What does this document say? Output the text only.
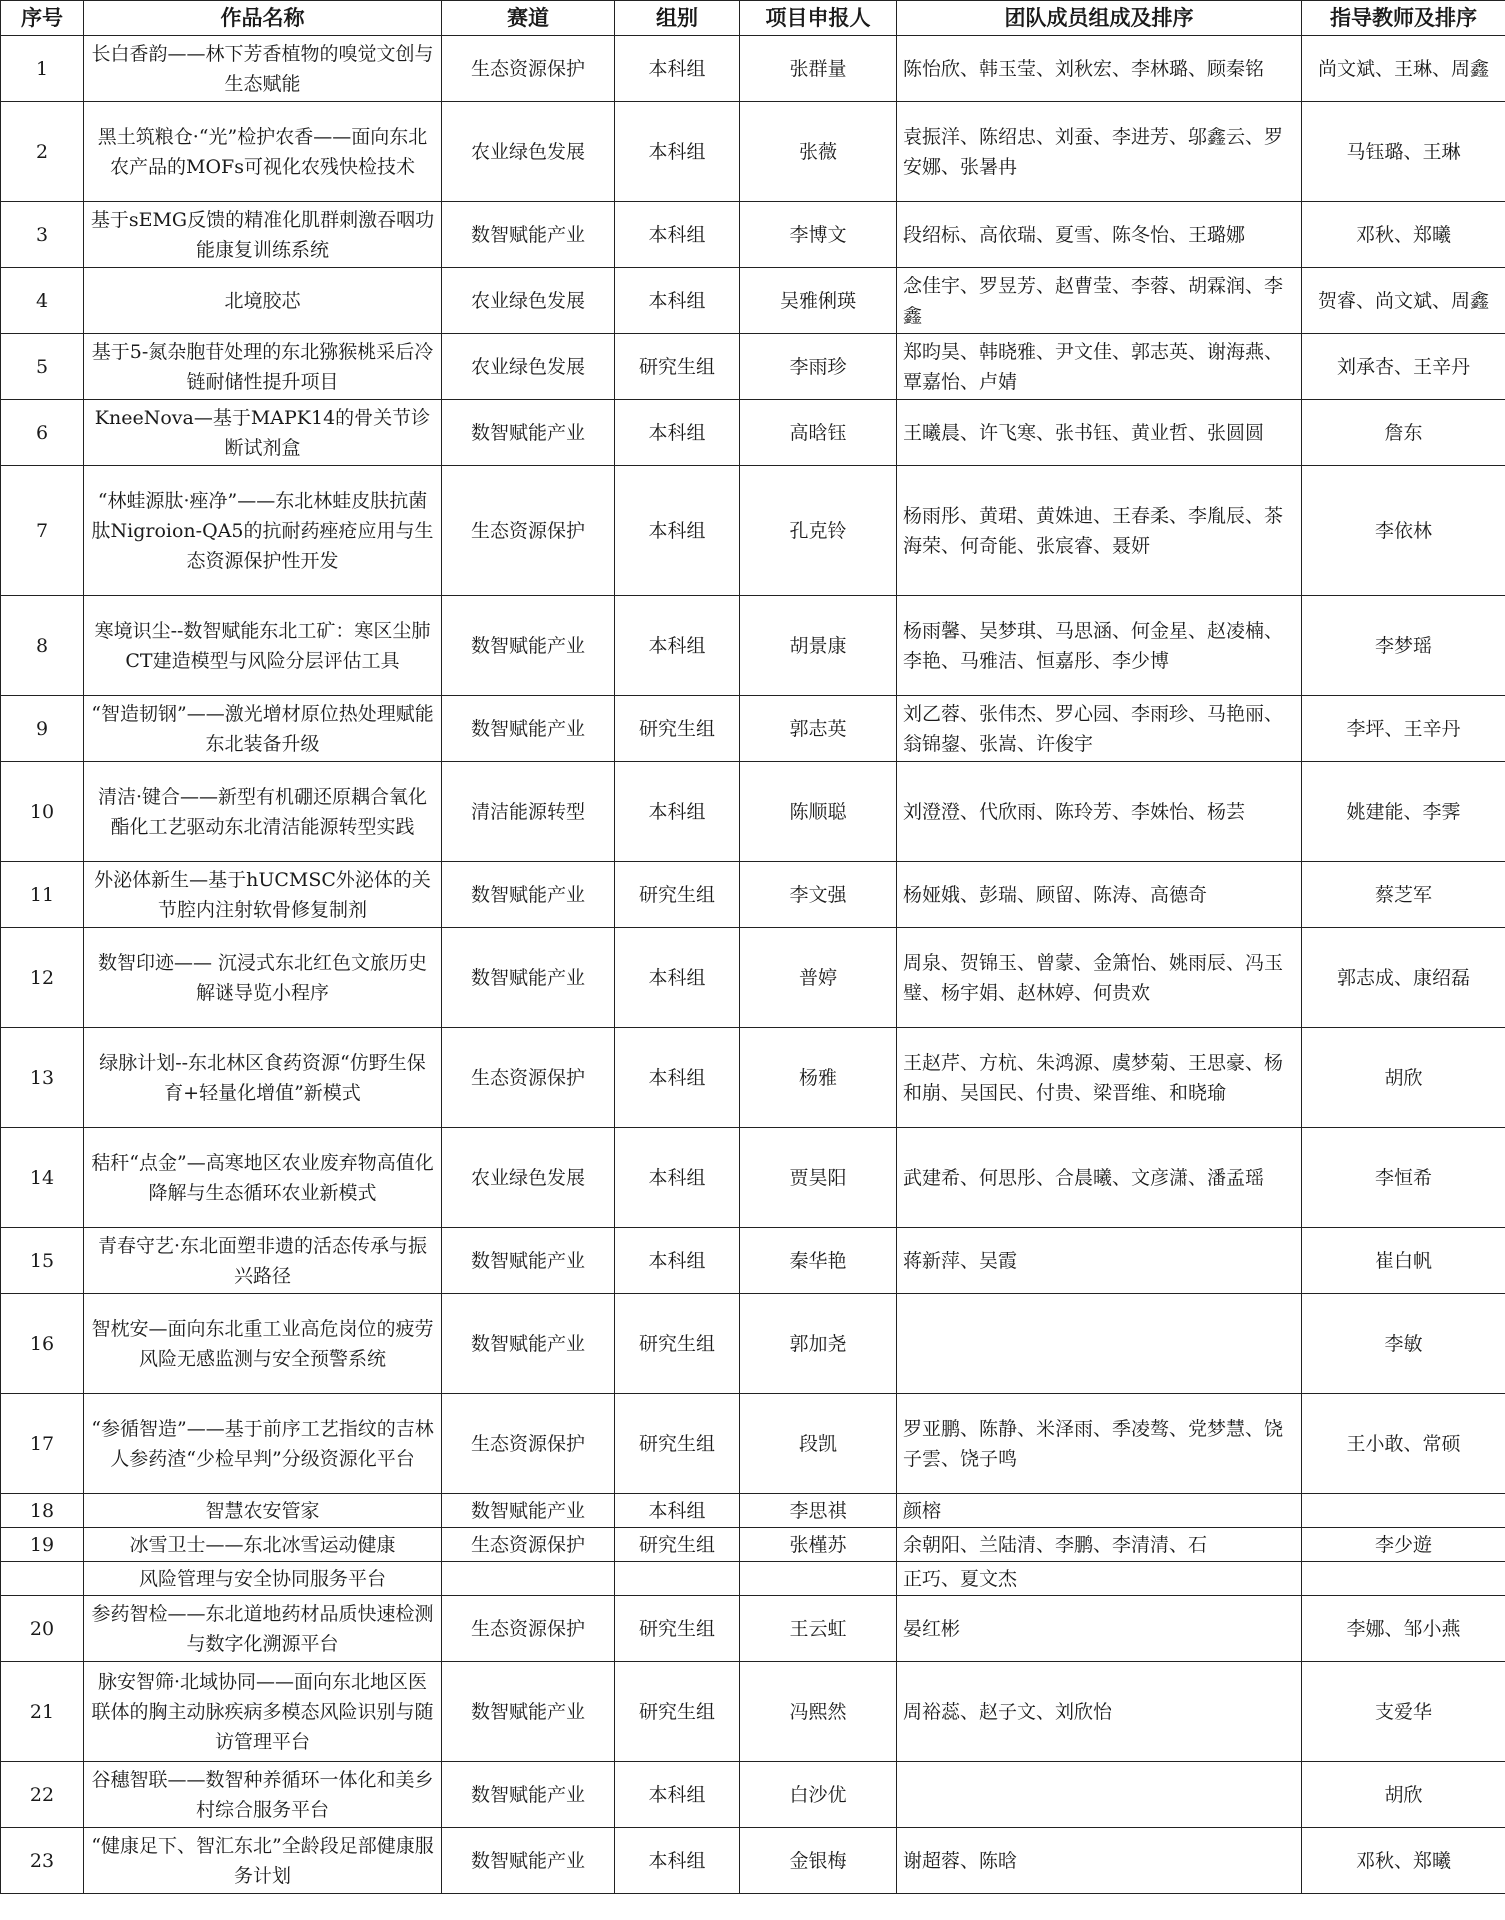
序号	作品名称	赛道	组别	项目申报人	团队成员组成及排序	指导教师及排序
1	长白香韵——林下芳香植物的嗅觉文创与生态赋能	生态资源保护	本科组	张群量	陈怡欣、韩玉莹、刘秋宏、李林璐、顾秦铭	尚文斌、王琳、周鑫
2	黑土筑粮仓·“光”检护农香——面向东北农产品的MOFs可视化农残快检技术	农业绿色发展	本科组	张薇	袁振洋、陈绍忠、刘蚕、李进芳、邬鑫云、罗安娜、张暑冉	马钰璐、王琳
3	基于sEMG反馈的精准化肌群刺激吞咽功能康复训练系统	数智赋能产业	本科组	李博文	段绍标、高依瑞、夏雪、陈冬怡、王璐娜	邓秋、郑曦
4	北境胶芯	农业绿色发展	本科组	吴雅俐瑛	念佳宇、罗昱芳、赵曹莹、李蓉、胡霖润、李鑫	贺睿、尚文斌、周鑫
5	基于5-氮杂胞苷处理的东北猕猴桃采后冷链耐储性提升项目	农业绿色发展	研究生组	李雨珍	郑昀昊、韩晓雅、尹文佳、郭志英、谢海燕、覃嘉怡、卢婧	刘承杏、王辛丹
6	KneeNova—基于MAPK14的骨关节诊断试剂盒	数智赋能产业	本科组	高晗钰	王曦晨、许飞寒、张书钰、黄业哲、张圆圆	詹东
7	“林蛙源肽·痤净”——东北林蛙皮肤抗菌肽Nigroion-QA5的抗耐药痤疮应用与生态资源保护性开发	生态资源保护	本科组	孔克铃	杨雨彤、黄珺、黄姝迪、王春柔、李胤辰、茶海荣、何奇能、张宸睿、聂妍	李依林
8	寒境识尘--数智赋能东北工矿：寒区尘肺CT建造模型与风险分层评估工具	数智赋能产业	本科组	胡景康	杨雨馨、吴梦琪、马思涵、何金星、赵凌楠、李艳、马雅洁、恒嘉彤、李少博	李梦瑶
9	“智造韧钢”——激光增材原位热处理赋能东北装备升级	数智赋能产业	研究生组	郭志英	刘乙蓉、张伟杰、罗心园、李雨珍、马艳丽、翁锦鋆、张嵩、许俊宇	李坪、王辛丹
10	清洁·键合——新型有机硼还原耦合氧化酯化工艺驱动东北清洁能源转型实践	清洁能源转型	本科组	陈顺聪	刘澄澄、代欣雨、陈玲芳、李姝怡、杨芸	姚建能、李霁
11	外泌体新生—基于hUCMSC外泌体的关节腔内注射软骨修复制剂	数智赋能产业	研究生组	李文强	杨娅娥、彭瑞、顾留、陈涛、高德奇	蔡芝军
12	数智印迹—— 沉浸式东北红色文旅历史解谜导览小程序	数智赋能产业	本科组	普婷	周泉、贺锦玉、曾蒙、金箫怡、姚雨辰、冯玉璧、杨宇娟、赵林婷、何贵欢	郭志成、康绍磊
13	绿脉计划--东北林区食药资源“仿野生保育+轻量化增值”新模式	生态资源保护	本科组	杨雅	王赵芹、方杭、朱鸿源、虞梦菊、王思豪、杨和崩、吴国民、付贵、梁晋维、和晓瑜	胡欣
14	秸秆“点金”—高寒地区农业废弃物高值化降解与生态循环农业新模式	农业绿色发展	本科组	贾昊阳	武建希、何思彤、合晨曦、文彦潇、潘孟瑶	李恒希
15	青春守艺·东北面塑非遗的活态传承与振兴路径	数智赋能产业	本科组	秦华艳	蒋新萍、吴霞	崔白帆
16	智枕安—面向东北重工业高危岗位的疲劳风险无感监测与安全预警系统	数智赋能产业	研究生组	郭加尧		李敏
17	“参循智造”——基于前序工艺指纹的吉林人参药渣“少检早判”分级资源化平台	生态资源保护	研究生组	段凯	罗亚鹏、陈静、米泽雨、季凌骜、党梦慧、饶子雲、饶子鸣	王小敢、常硕
18	智慧农安管家	数智赋能产业	本科组	李思祺	颜榕	
19	冰雪卫士——东北冰雪运动健康	生态资源保护	研究生组	张槿苏	余朝阳、兰陆清、李鹏、李清清、石	李少遊
	风险管理与安全协同服务平台				正巧、夏文杰	
20	参药智检——东北道地药材品质快速检测与数字化溯源平台	生态资源保护	研究生组	王云虹	晏红彬	李娜、邹小燕
21	脉安智筛·北域协同——面向东北地区医联体的胸主动脉疾病多模态风险识别与随访管理平台	数智赋能产业	研究生组	冯熙然	周裕蕊、赵子文、刘欣怡	支爱华
22	谷穗智联——数智种养循环一体化和美乡村综合服务平台	数智赋能产业	本科组	白沙优		胡欣
23	“健康足下、智汇东北”全龄段足部健康服务计划	数智赋能产业	本科组	金银梅	谢超蓉、陈晗	邓秋、郑曦
